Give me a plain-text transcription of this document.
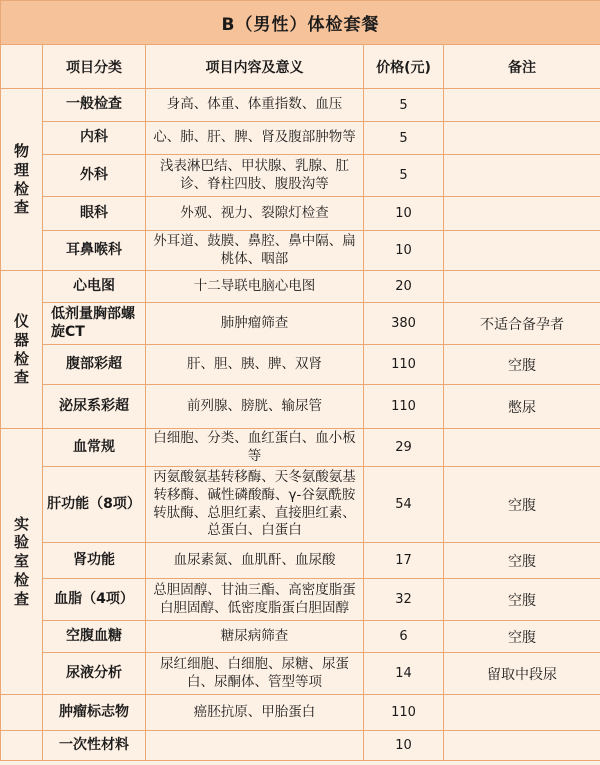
B（男性）体检套餐				
	项目分类	项目内容及意义	价格(元)	备注

物
理
检
查	一般检查	身高、体重、体重指数、血压	5	
	内科	心、肺、肝、脾、肾及腹部肿物等	5	
	外科	浅表淋巴结、甲状腺、乳腺、肛诊、脊柱四肢、腹股沟等	5	
	眼科	外观、视力、裂隙灯检查	10	
	耳鼻喉科	外耳道、鼓膜、鼻腔、鼻中隔、扁桃体、咽部	10	

仪
器
检
查	心电图	十二导联电脑心电图	20	
	低剂量胸部螺旋CT	肺肿瘤筛查	380	不适合备孕者
	腹部彩超	肝、胆、胰、脾、双肾	110	空腹
	泌尿系彩超	前列腺、膀胱、输尿管	110	憋尿

实
验
室
检
查	血常规	白细胞、分类、血红蛋白、血小板等	29	
	肝功能（8项）	丙氨酸氨基转移酶、天冬氨酸氨基转移酶、碱性磷酸酶、γ-谷氨酰胺转肽酶、总胆红素、直接胆红素、总蛋白、白蛋白	54	空腹
	肾功能	血尿素氮、血肌酐、血尿酸	17	空腹
	血脂（4项）	总胆固醇、甘油三酯、高密度脂蛋白胆固醇、低密度脂蛋白胆固醇	32	空腹
	空腹血糖	糖尿病筛查	6	空腹
	尿液分析	尿红细胞、白细胞、尿糖、尿蛋白、尿酮体、管型等项	14	留取中段尿
	肿瘤标志物	癌胚抗原、甲胎蛋白	110	
	一次性材料		10	
